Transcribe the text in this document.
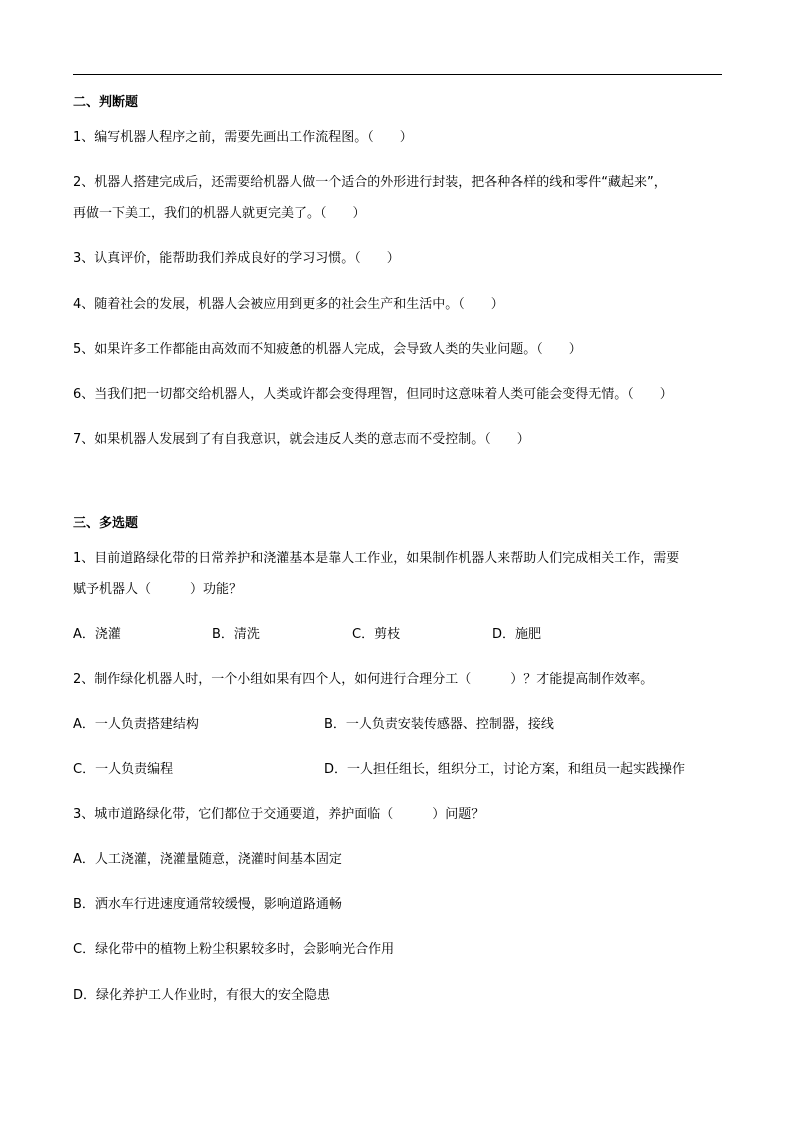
二、判断题
1、编写机器人程序之前，需要先画出工作流程图。（　　）
2、机器人搭建完成后，还需要给机器人做一个适合的外形进行封装，把各种各样的线和零件“藏起来”，
再做一下美工，我们的机器人就更完美了。（　　）
3、认真评价，能帮助我们养成良好的学习习惯。（　　）
4、随着社会的发展，机器人会被应用到更多的社会生产和生活中。（　　）
5、如果许多工作都能由高效而不知疲惫的机器人完成，会导致人类的失业问题。（　　）
6、当我们把一切都交给机器人，人类或许都会变得理智，但同时这意味着人类可能会变得无情。（　　）
7、如果机器人发展到了有自我意识，就会违反人类的意志而不受控制。（　　）
三、多选题
1、目前道路绿化带的日常养护和浇灌基本是靠人工作业，如果制作机器人来帮助人们完成相关工作，需要
赋予机器人（　　　）功能？
A．浇灌	B．清洗	C．剪枝	D．施肥
2、制作绿化机器人时，一个小组如果有四个人，如何进行合理分工（　　　）？才能提高制作效率。
A．一人负责搭建结构	B．一人负责安装传感器、控制器，接线
C．一人负责编程	D．一人担任组长，组织分工，讨论方案，和组员一起实践操作
3、城市道路绿化带，它们都位于交通要道，养护面临（　　　）问题？
A．人工浇灌，浇灌量随意，浇灌时间基本固定
B．洒水车行进速度通常较缓慢，影响道路通畅
C．绿化带中的植物上粉尘积累较多时，会影响光合作用
D．绿化养护工人作业时，有很大的安全隐患
